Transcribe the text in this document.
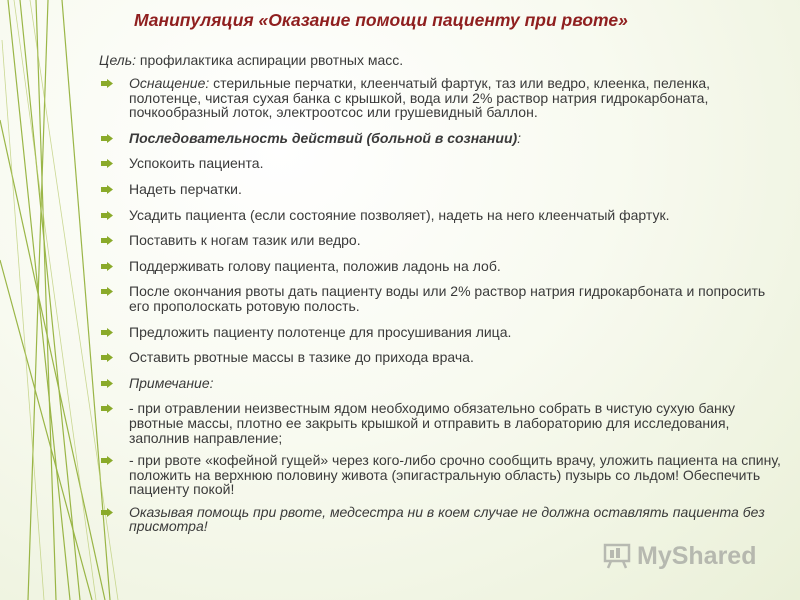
Манипуляция «Оказание помощи пациенту при рвоте»

Цель: профилактика аспирации рвотных масс.

Оснащение: стерильные перчатки, клеенчатый фартук, таз или ведро, клеенка, пеленка, полотенце, чистая сухая банка с крышкой, вода или 2% раствор натрия гидрокарбоната, почкообразный лоток, электроотсос или грушевидный баллон.
Последовательность действий (больной в сознании):
Успокоить пациента.
Надеть перчатки.
Усадить пациента (если состояние позволяет), надеть на него клеенчатый фартук.
Поставить к ногам тазик или ведро.
Поддерживать голову пациента, положив ладонь на лоб.
После окончания рвоты дать пациенту воды или 2% раствор натрия гидрокарбоната и попросить его прополоскать ротовую полость.
Предложить пациенту полотенце для просушивания лица.
Оставить рвотные массы в тазике до прихода врача.
Примечание:
- при отравлении неизвестным ядом необходимо обязательно собрать в чистую сухую банку рвотные массы, плотно ее закрыть крышкой и отправить в лабораторию для исследования, заполнив направление;
- при рвоте «кофейной гущей» через кого-либо срочно сообщить врачу, уложить пациента на спину, положить на верхнюю половину живота (эпигастральную область) пузырь со льдом! Обеспечить пациенту покой!
Оказывая помощь при рвоте, медсестра ни в коем случае не должна оставлять пациента без присмотра!
MyShared
